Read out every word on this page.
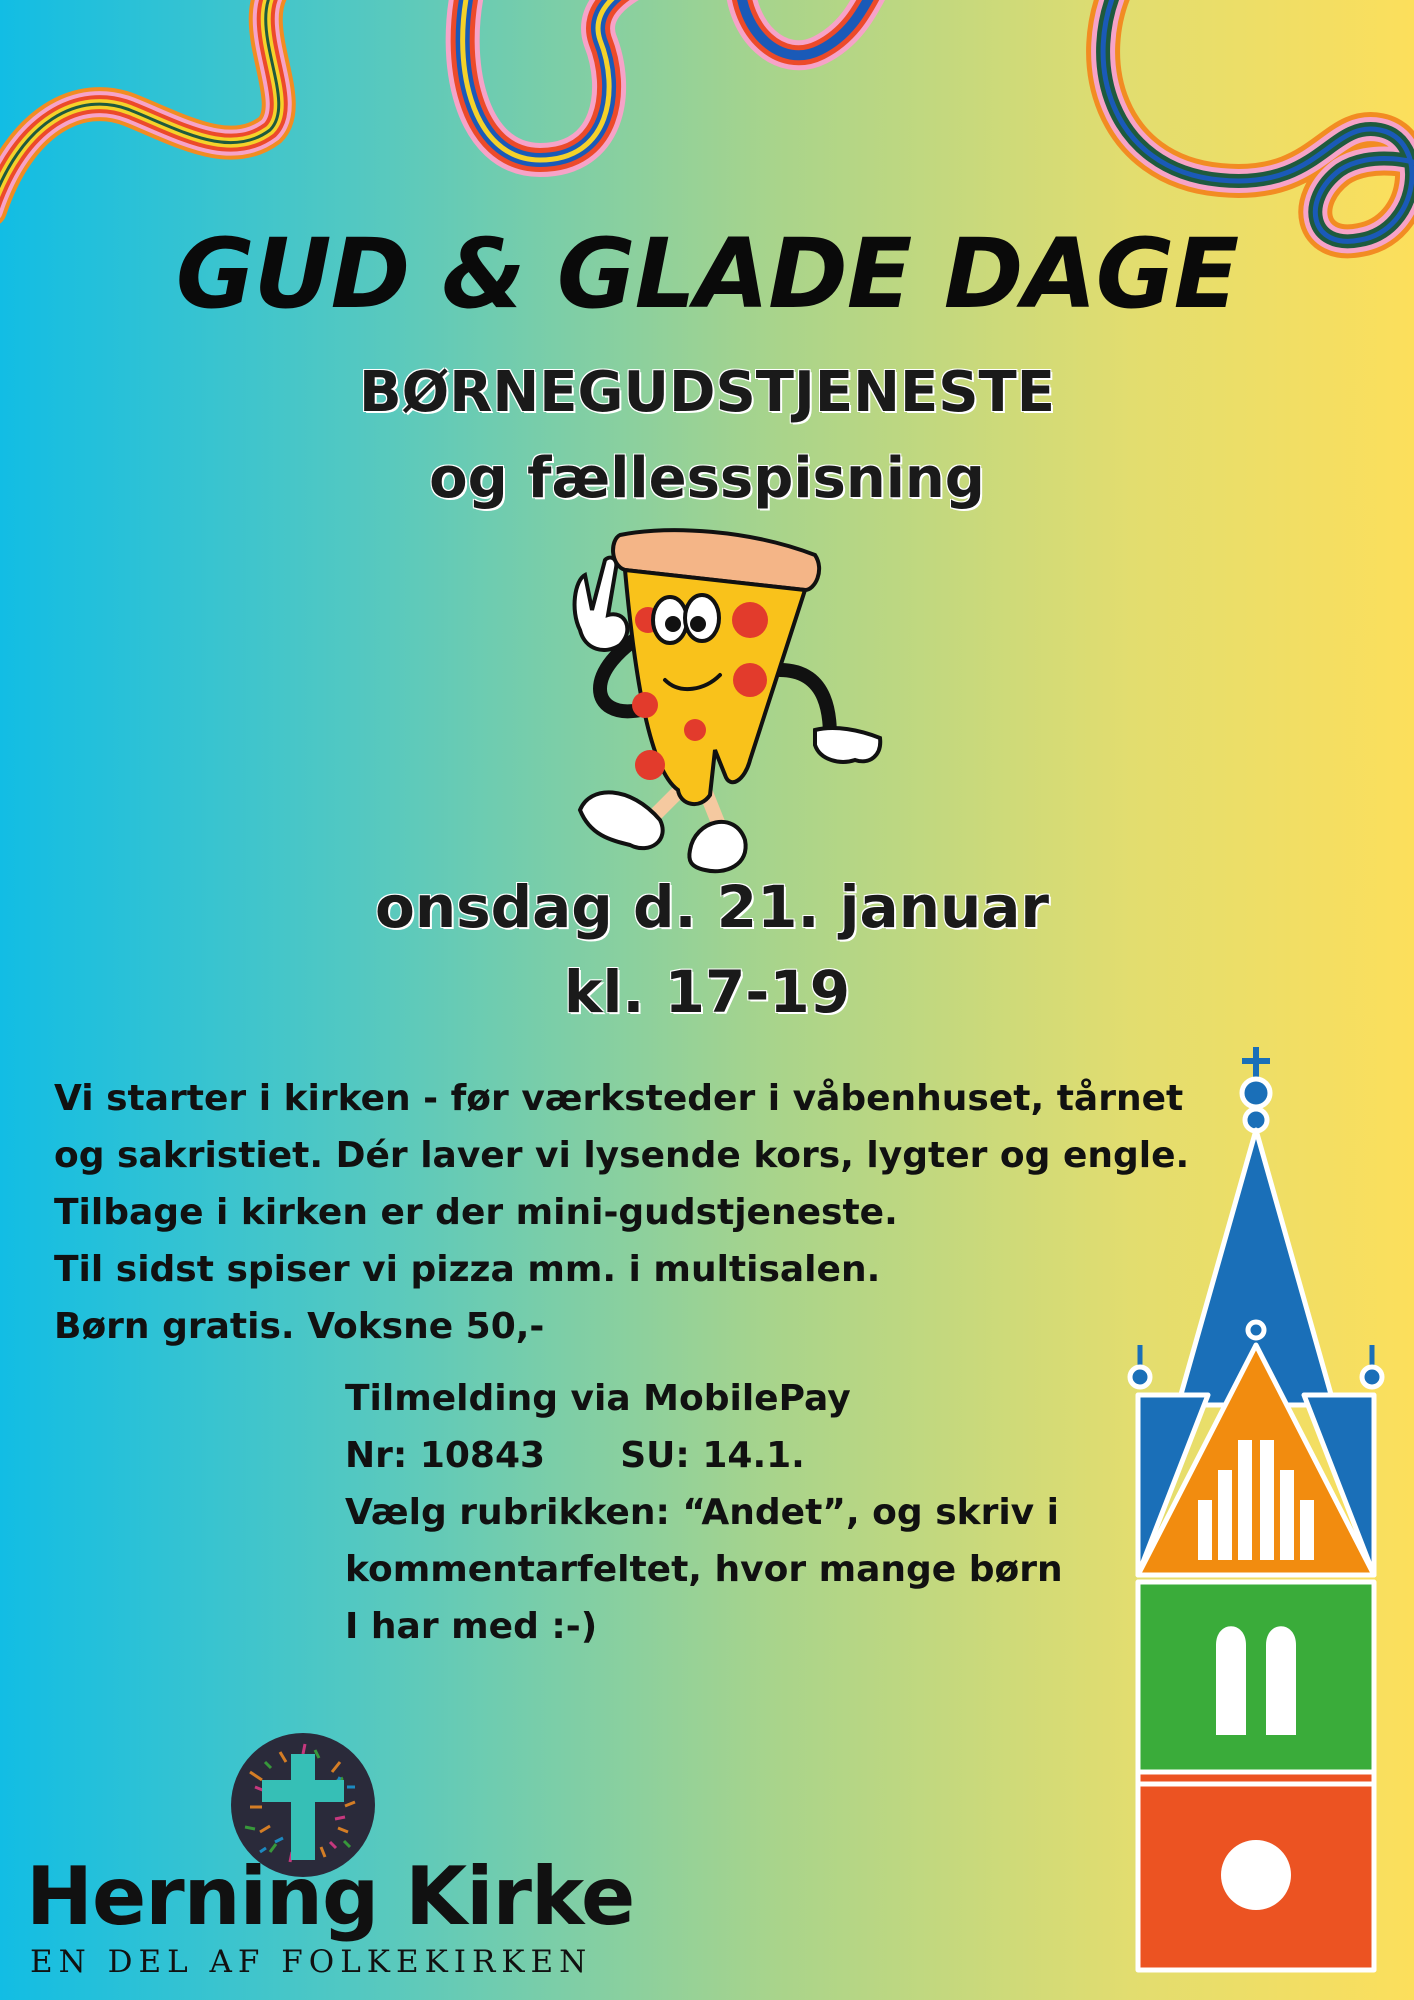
GUD & GLADE DAGE
BØRNEGUDSTJENESTE
og fællesspisning
onsdag d. 21. januar
kl. 17-19

Vi starter i kirken - før værksteder i våbenhuset, tårnet

og sakristiet. Dér laver vi lysende kors, lygter og engle.

Tilbage i kirken er der mini-gudstjeneste.

Til sidst spiser vi pizza mm. i multisalen.

Børn gratis. Voksne 50,-

Tilmelding via MobilePay

Nr: 10843      SU: 14.1.

Vælg rubrikken: “Andet”, og skriv i

kommentarfeltet, hvor mange børn

I har med :-)

Herning Kirke
EN DEL AF FOLKEKIRKEN
